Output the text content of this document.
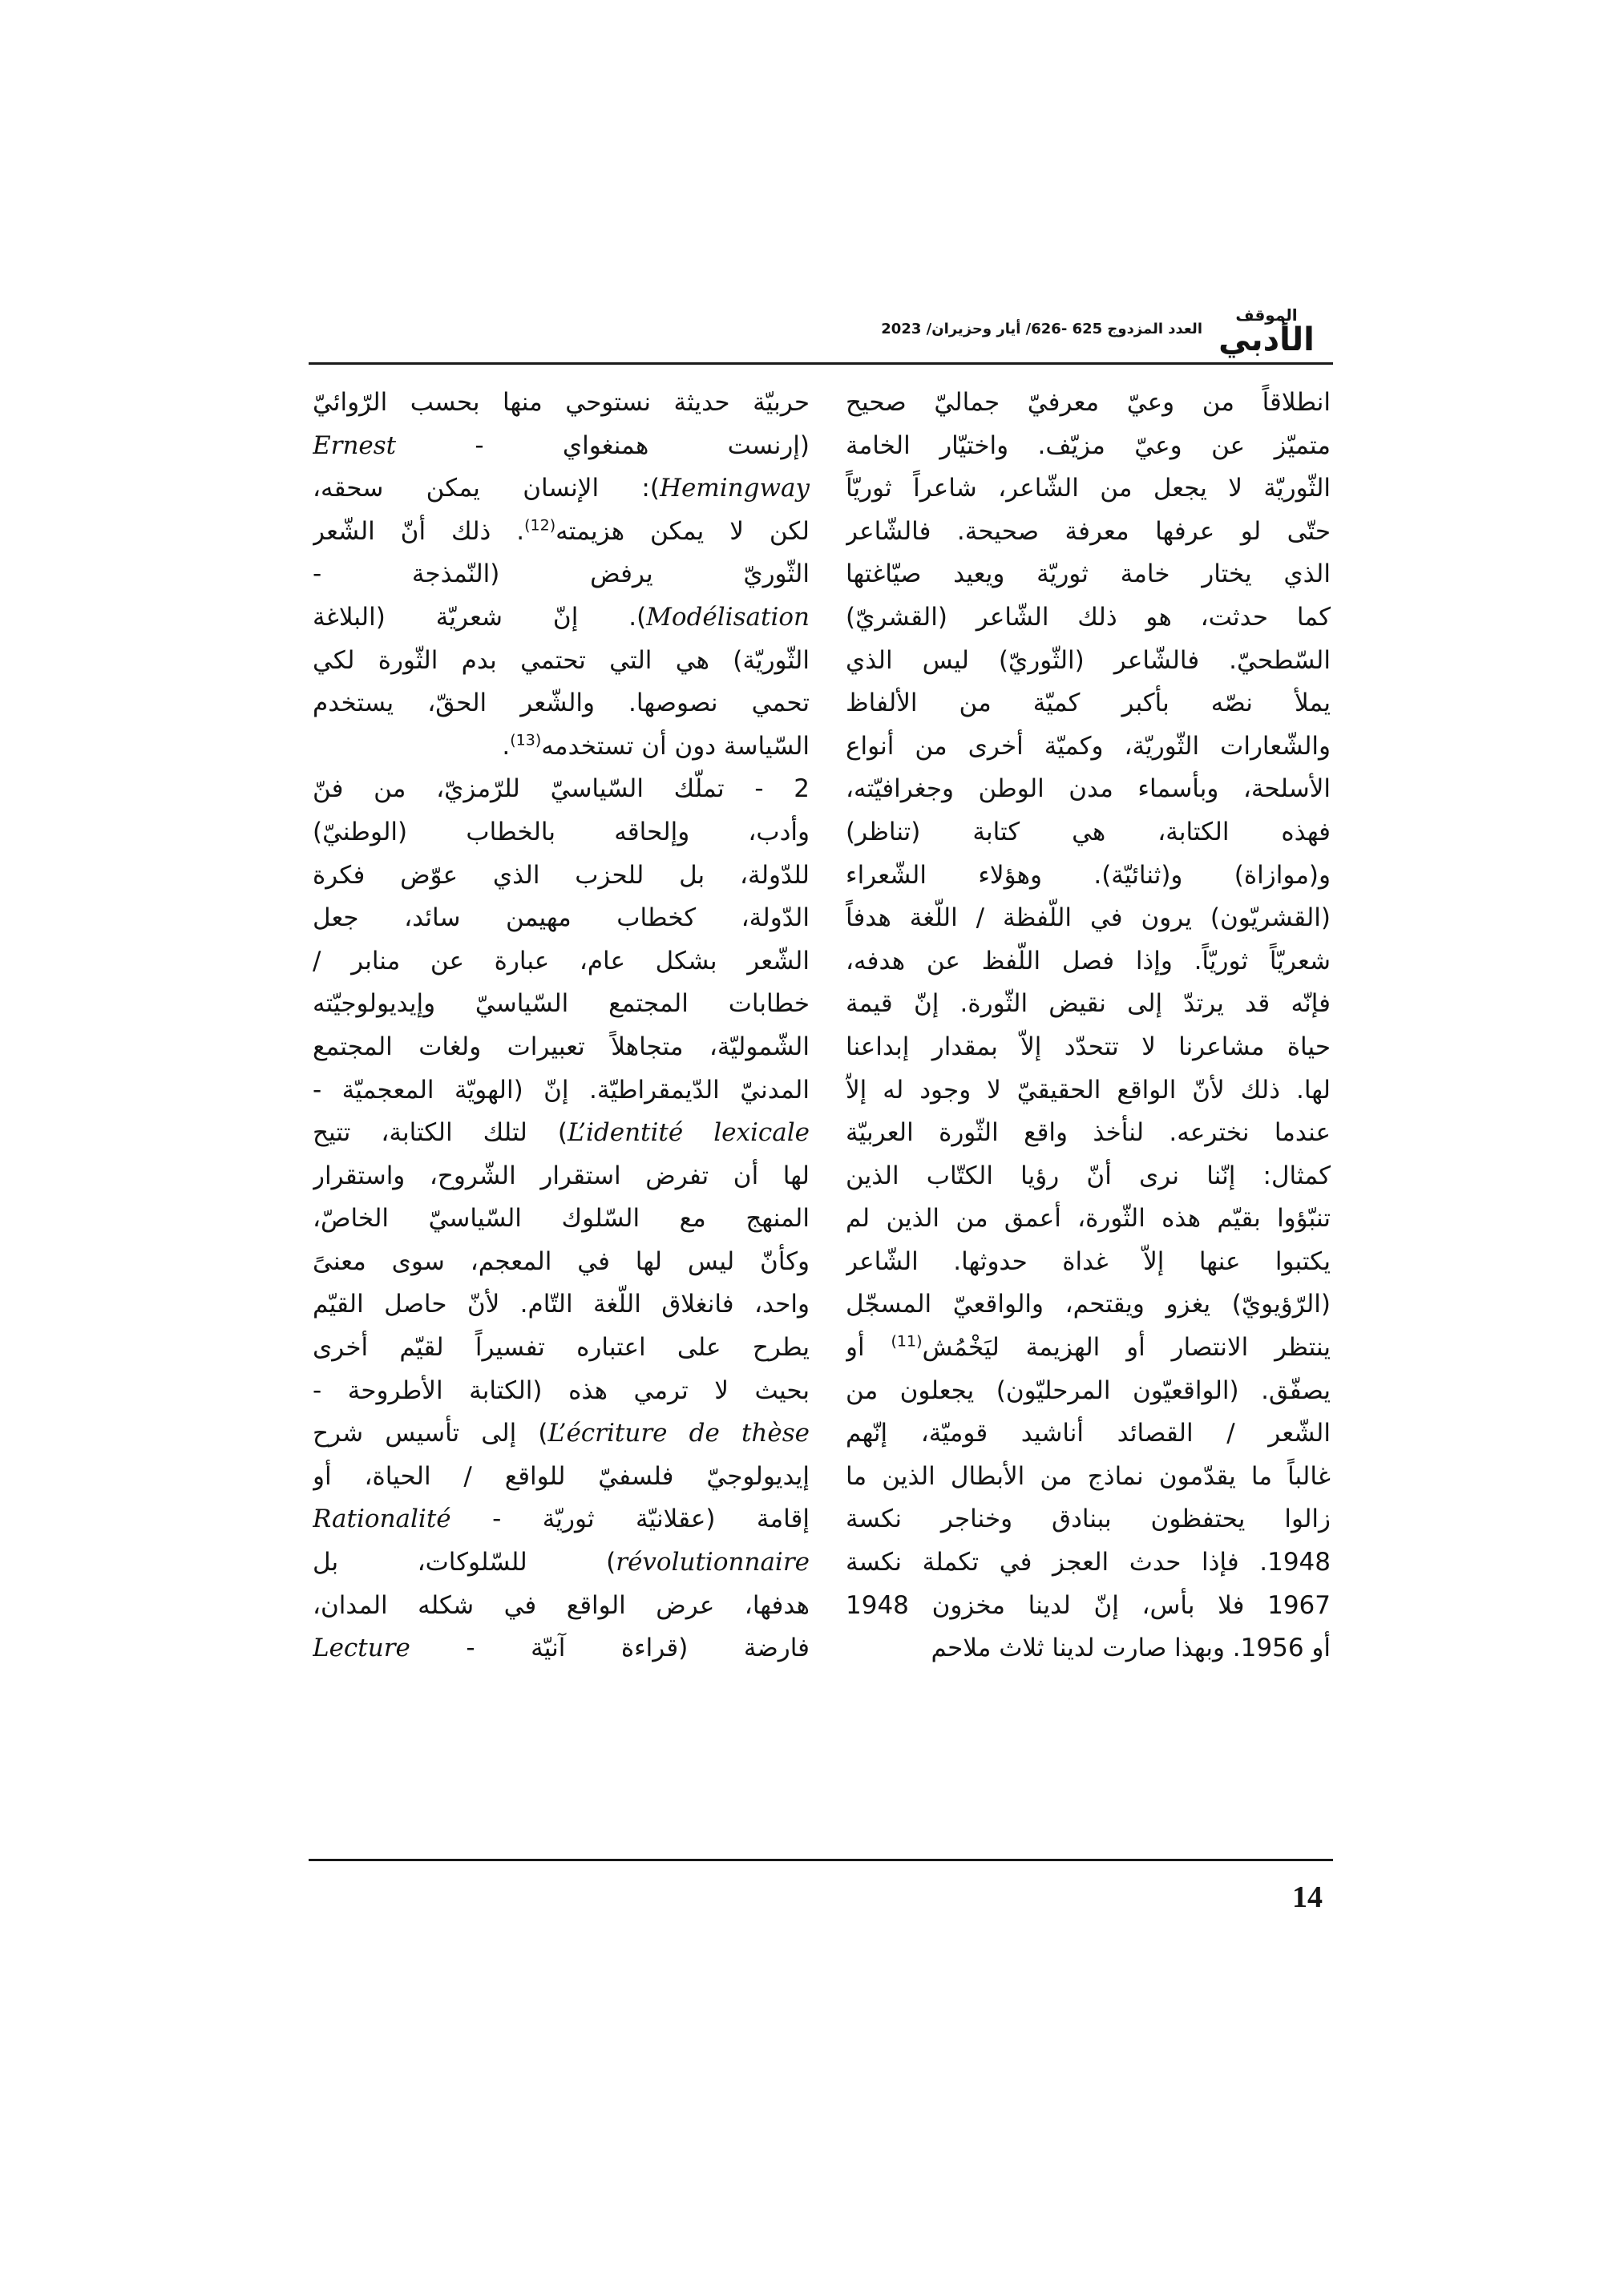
الموقف
الأدبي
العدد المزدوج 625 -626/ أيار وحزيران/ 2023
انطلاقاً من وعيّ معرفيّ جماليّ صحيح
متميّز عن وعيّ مزيّف. واختيّار الخامة
الثّوريّة لا يجعل من الشّاعر، شاعراً ثوريّاً
حتّى لو عرفها معرفة صحيحة. فالشّاعر
الذي يختار خامة ثوريّة ويعيد صيّاغتها
كما حدثت، هو ذلك الشّاعر (القشريّ)
السّطحيّ. فالشّاعر (الثّوريّ) ليس الذي
يملأ نصّه بأكبر كميّة من الألفاظ
والشّعارات الثّوريّة، وكميّة أخرى من أنواع
الأسلحة، وبأسماء مدن الوطن وجغرافيّته،
فهذه الكتابة، هي كتابة (تناظر)
و(موازاة) و(ثنائيّة). وهؤلاء الشّعراء
(القشريّون) يرون في اللّفظة / اللّغة هدفاً
شعريّاً ثوريّاً. وإذا فصل اللّفظ عن هدفه،
فإنّه قد يرتدّ إلى نقيض الثّورة. إنّ قيمة
حياة مشاعرنا لا تتحدّد إلاّ بمقدار إبداعنا
لها. ذلك لأنّ الواقع الحقيقيّ لا وجود له إلاّ
عندما نخترعه. لنأخذ واقع الثّورة العربيّة
كمثال: إنّنا نرى أنّ رؤيا الكتّاب الذين
تنبّؤوا بقيّم هذه الثّورة، أعمق من الذين لم
يكتبوا عنها إلاّ غداة حدوثها. الشّاعر
(الرّؤيويّ) يغزو ويقتحم، والواقعيّ المسجّل
ينتظر الانتصار أو الهزيمة ليَخْمُش$^{(11)}$ أو
يصفّق. (الواقعيّون المرحليّون) يجعلون من
الشّعر / القصائد أناشيد قوميّة، إنّهم
غالباً ما يقدّمون نماذج من الأبطال الذين ما
زالوا يحتفظون ببنادق وخناجر نكسة
1948. فإذا حدث العجز في تكملة نكسة
1967 فلا بأس، إنّ لدينا مخزون 1948
أو 1956. وبهذا صارت لدينا ثلاث ملاحم
حربيّة حديثة نستوحي منها بحسب الرّوائيّ
(إرنست همنغواي - Ernest
Hemingway): الإنسان يمكن سحقه،
لكن لا يمكن هزيمته$^{(12)}$. ذلك أنّ الشّعر
الثّوريّ يرفض (النّمذجة -
Modélisation). إنّ شعريّة (البلاغة
الثّوريّة) هي التي تحتمي بدم الثّورة لكي
تحمي نصوصها. والشّعر الحقّ، يستخدم
السّياسة دون أن تستخدمه$^{(13)}$.
2 - تملّك السّياسيّ للرّمزيّ، من فنّ
وأدب، وإلحاقه بالخطاب (الوطنيّ)
للدّولة، بل للحزب الذي عوّض فكرة
الدّولة، كخطاب مهيمن سائد، جعل
الشّعر بشكل عام، عبارة عن منابر /
خطابات المجتمع السّياسيّ وإيديولوجيّته
الشّموليّة، متجاهلاً تعبيرات ولغات المجتمع
المدنيّ الدّيمقراطيّة. إنّ (الهويّة المعجميّة -
L’identité lexicale) لتلك الكتابة، تتيح
لها أن تفرض استقرار الشّروح، واستقرار
المنهج مع السّلوك السّياسيّ الخاصّ،
وكأنّ ليس لها في المعجم، سوى معنىً
واحد، فانغلاق اللّغة التّام. لأنّ حاصل القيّم
يطرح على اعتباره تفسيراً لقيّم أخرى
بحيث لا ترمي هذه (الكتابة الأطروحة -
L’écriture de thèse) إلى تأسيس شرح
إيديولوجيّ فلسفيّ للواقع / الحياة، أو
إقامة (عقلانيّة ثوريّة - Rationalité
révolutionnaire) للسّلوكات، بل
هدفها، عرض الواقع في شكله المدان،
فارضة (قراءة آنيّة - Lecture
14
